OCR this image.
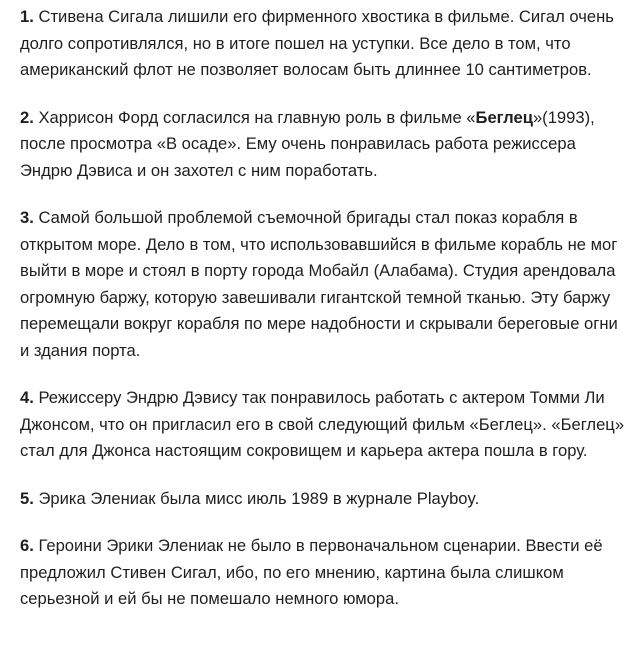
1. Стивена Сигала лишили его фирменного хвостика в фильме. Сигал очень долго сопротивлялся, но в итоге пошел на уступки. Все дело в том, что американский флот не позволяет волосам быть длиннее 10 сантиметров.

2. Харрисон Форд согласился на главную роль в фильме «Беглец»(1993), после просмотра «В осаде». Ему очень понравилась работа режиссера Эндрю Дэвиса и он захотел с ним поработать.

3. Самой большой проблемой съемочной бригады стал показ корабля в открытом море. Дело в том, что использовавшийся в фильме корабль не мог выйти в море и стоял в порту города Мобайл (Алабама). Студия арендовала огромную баржу, которую завешивали гигантской темной тканью. Эту баржу перемещали вокруг корабля по мере надобности и скрывали береговые огни и здания порта.

4. Режиссеру Эндрю Дэвису так понравилось работать с актером Томми Ли Джонсом, что он пригласил его в свой следующий фильм «Беглец». «Беглец» стал для Джонса настоящим сокровищем и карьера актера пошла в гору.

5. Эрика Элениак была мисс июль 1989 в журнале Playboy.

6. Героини Эрики Элениак не было в первоначальном сценарии. Ввести её предложил Стивен Сигал, ибо, по его мнению, картина была слишком серьезной и ей бы не помешало немного юмора.
